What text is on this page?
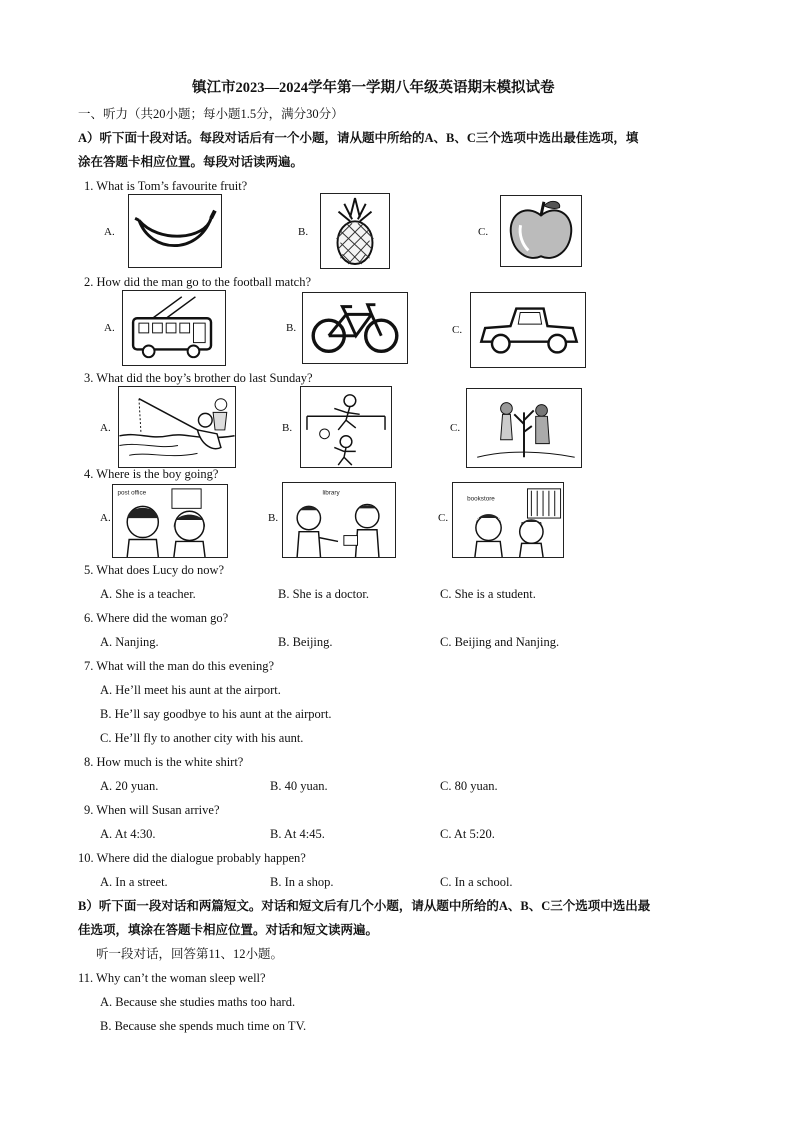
镇江市2023—2024学年第一学期八年级英语期末模拟试卷
一、听力（共20小题；每小题1.5分，满分30分）
A）听下面十段对话。每段对话后有一个小题，请从题中所给的A、B、C三个选项中选出最佳选项，填
涂在答题卡相应位置。每段对话读两遍。
1. What is Tom’s favourite fruit?
A.	B.	C.
2. How did the man go to the football match?
A.	B.	C.
3. What did the boy’s brother do last Sunday?
A.	B.	C.
4. Where is the boy going?
A.
post office
B.
library
C.
bookstore
5. What does Lucy do now?
A. She is a teacher.	B. She is a doctor.	C. She is a student.
6. Where did the woman go?
A. Nanjing.	B. Beijing.	C. Beijing and Nanjing.
7. What will the man do this evening?
A. He’ll meet his aunt at the airport.
B. He’ll say goodbye to his aunt at the airport.
C. He’ll fly to another city with his aunt.
8. How much is the white shirt?
A. 20 yuan.	B. 40 yuan.	C. 80 yuan.
9. When will Susan arrive?
A. At 4:30.	B. At 4:45.	C. At 5:20.
10. Where did the dialogue probably happen?
A. In a street.	B. In a shop.	C. In a school.
B）听下面一段对话和两篇短文。对话和短文后有几个小题，请从题中所给的A、B、C三个选项中选出最
佳选项，填涂在答题卡相应位置。对话和短文读两遍。
听一段对话，回答第11、12小题。
11. Why can’t the woman sleep well?
A. Because she studies maths too hard.
B. Because she spends much time on TV.
